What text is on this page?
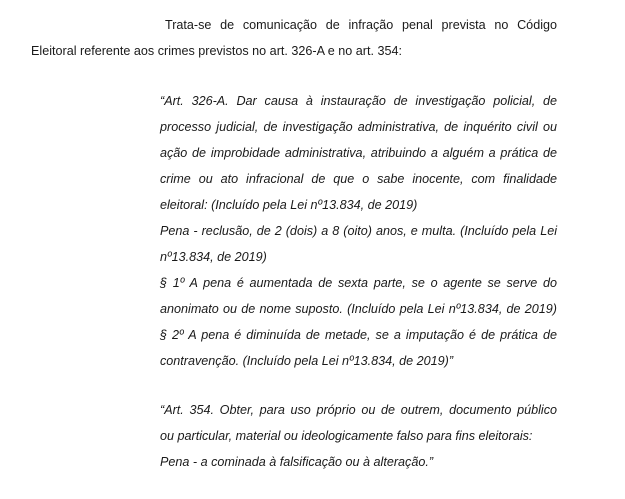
Trata-se de comunicação de infração penal prevista no Código
Eleitoral referente aos crimes previstos no art. 326-A e no art. 354:
“Art. 326-A. Dar causa à instauração de investigação policial, de
processo judicial, de investigação administrativa, de inquérito civil ou
ação de improbidade administrativa, atribuindo a alguém a prática de
crime ou ato infracional de que o sabe inocente, com finalidade
eleitoral: (Incluído pela Lei nº13.834, de 2019)
Pena - reclusão, de 2 (dois) a 8 (oito) anos, e multa. (Incluído pela Lei
nº13.834, de 2019)
§ 1º A pena é aumentada de sexta parte, se o agente se serve do
anonimato ou de nome suposto. (Incluído pela Lei nº13.834, de 2019)
§ 2º A pena é diminuída de metade, se a imputação é de prática de
contravenção. (Incluído pela Lei nº13.834, de 2019)”
“Art. 354. Obter, para uso próprio ou de outrem, documento público
ou particular, material ou ideologicamente falso para fins eleitorais:
Pena - a cominada à falsificação ou à alteração.”
